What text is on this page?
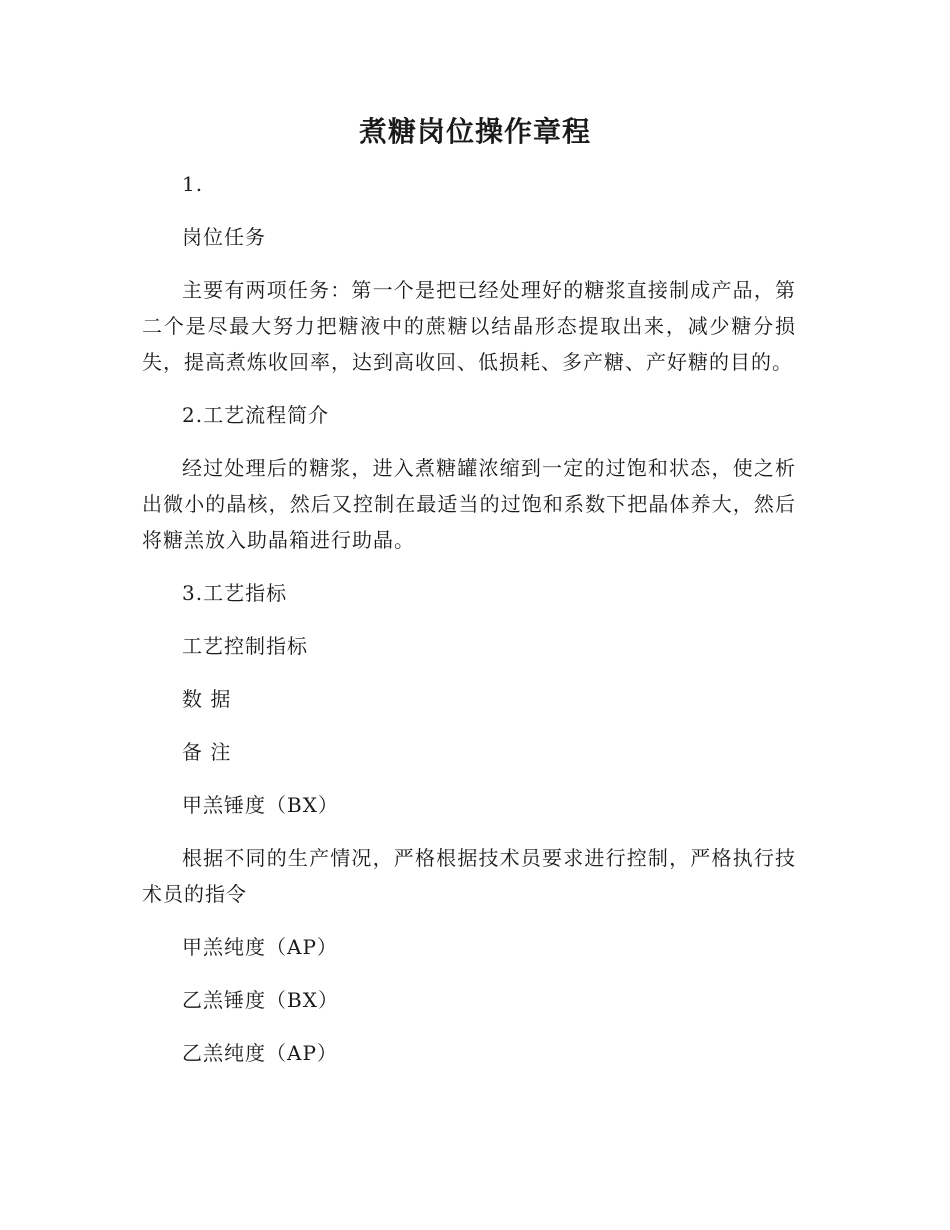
煮糖岗位操作章程

1.

岗位任务

主要有两项任务：第一个是把已经处理好的糖浆直接制成产品，第二个是尽最大努力把糖液中的蔗糖以结晶形态提取出来，减少糖分损失，提高煮炼收回率，达到高收回、低损耗、多产糖、产好糖的目的。

2.工艺流程简介

经过处理后的糖浆，进入煮糖罐浓缩到一定的过饱和状态，使之析出微小的晶核，然后又控制在最适当的过饱和系数下把晶体养大，然后将糖羔放入助晶箱进行助晶。

3.工艺指标

工艺控制指标

数 据

备 注

甲羔锤度（BX）

根据不同的生产情况，严格根据技术员要求进行控制，严格执行技术员的指令

甲羔纯度（AP）

乙羔锤度（BX）

乙羔纯度（AP）
